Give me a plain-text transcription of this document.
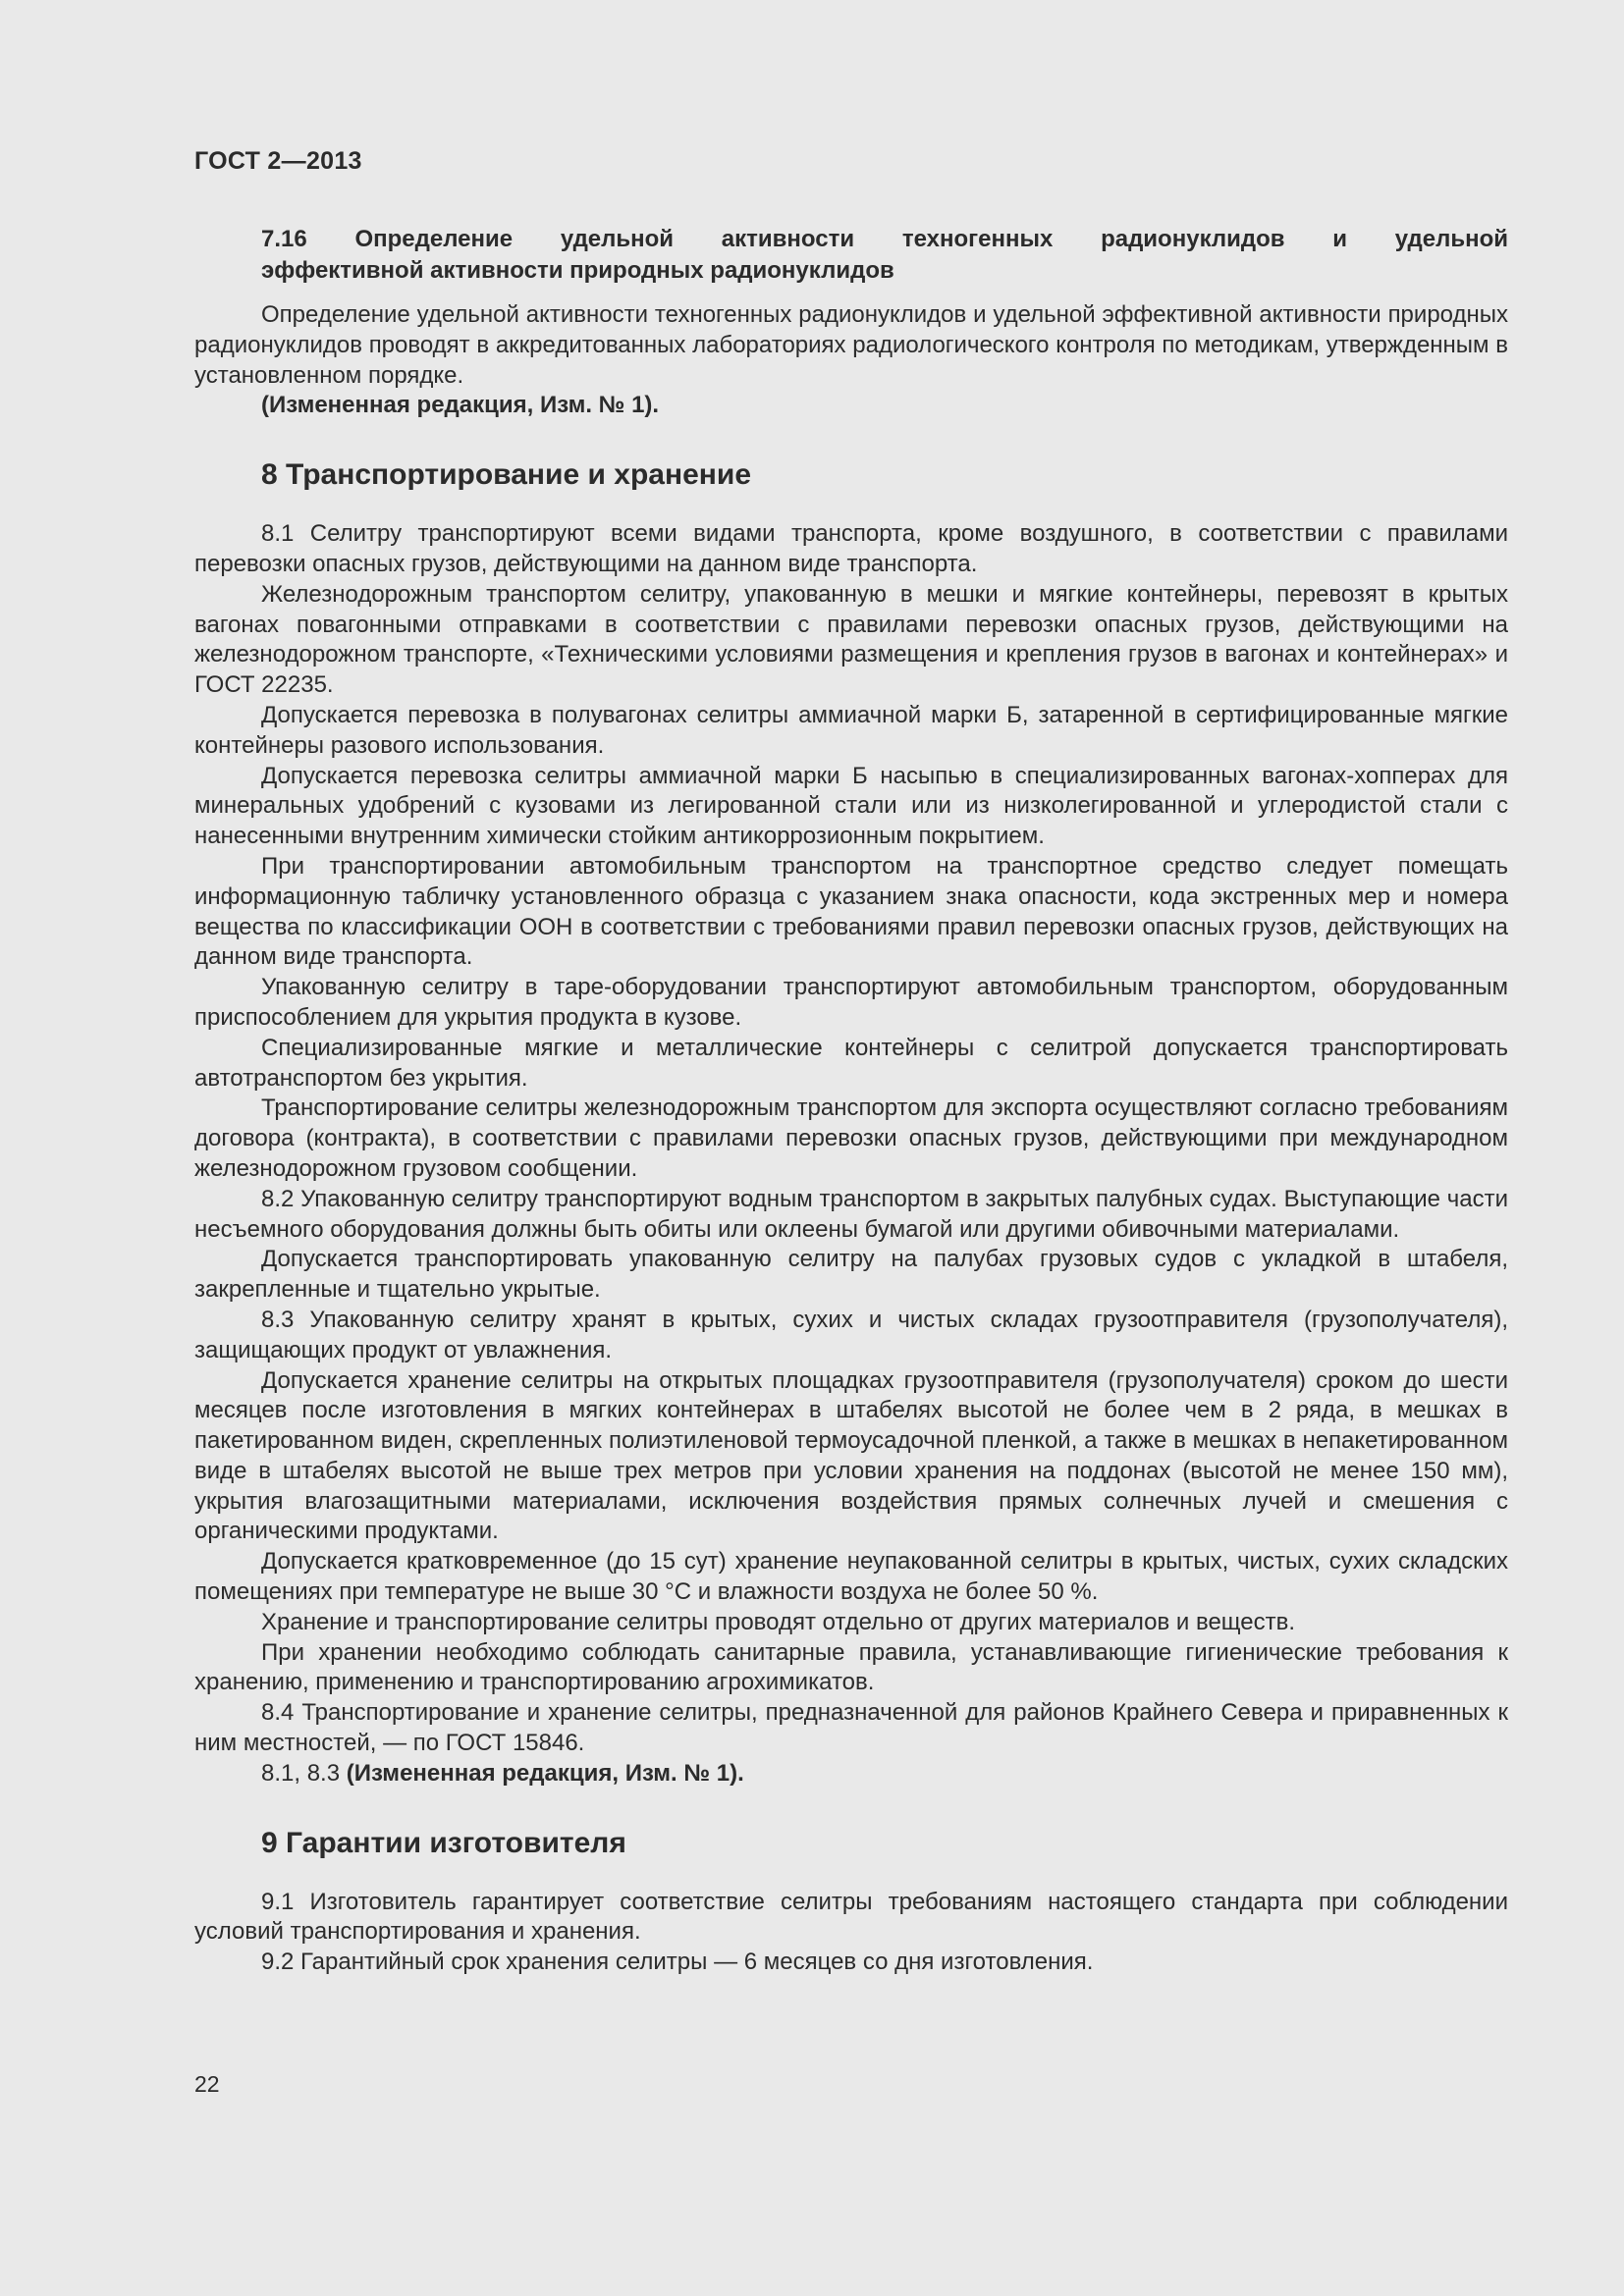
ГОСТ 2—2013
7.16 Определение удельной активности техногенных радионуклидов и удельной
эффективной активности природных радионуклидов

Определение удельной активности техногенных радионуклидов и удельной эффективной активности природных радионуклидов проводят в аккредитованных лабораториях радиологического контроля по методикам, утвержденным в установленном порядке.

(Измененная редакция, Изм. № 1).

8 Транспортирование и хранение

8.1 Селитру транспортируют всеми видами транспорта, кроме воздушного, в соответствии с правилами перевозки опасных грузов, действующими на данном виде транспорта.

Железнодорожным транспортом селитру, упакованную в мешки и мягкие контейнеры, перевозят в крытых вагонах повагонными отправками в соответствии с правилами перевозки опасных грузов, действующими на железнодорожном транспорте, «Техническими условиями размещения и крепления грузов в вагонах и контейнерах» и ГОСТ 22235.

Допускается перевозка в полувагонах селитры аммиачной марки Б, затаренной в сертифицированные мягкие контейнеры разового использования.

Допускается перевозка селитры аммиачной марки Б насыпью в специализированных вагонах-хопперах для минеральных удобрений с кузовами из легированной стали или из низколегированной и углеродистой стали с нанесенными внутренним химически стойким антикоррозионным покрытием.

При транспортировании автомобильным транспортом на транспортное средство следует помещать информационную табличку установленного образца с указанием знака опасности, кода экстренных мер и номера вещества по классификации ООН в соответствии с требованиями правил перевозки опасных грузов, действующих на данном виде транспорта.

Упакованную селитру в таре-оборудовании транспортируют автомобильным транспортом, оборудованным приспособлением для укрытия продукта в кузове.

Специализированные мягкие и металлические контейнеры с селитрой допускается транспортировать автотранспортом без укрытия.

Транспортирование селитры железнодорожным транспортом для экспорта осуществляют согласно требованиям договора (контракта), в соответствии с правилами перевозки опасных грузов, действующими при международном железнодорожном грузовом сообщении.

8.2 Упакованную селитру транспортируют водным транспортом в закрытых палубных судах. Выступающие части несъемного оборудования должны быть обиты или оклеены бумагой или другими обивочными материалами.

Допускается транспортировать упакованную селитру на палубах грузовых судов с укладкой в штабеля, закрепленные и тщательно укрытые.

8.3 Упакованную селитру хранят в крытых, сухих и чистых складах грузоотправителя (грузополучателя), защищающих продукт от увлажнения.

Допускается хранение селитры на открытых площадках грузоотправителя (грузополучателя) сроком до шести месяцев после изготовления в мягких контейнерах в штабелях высотой не более чем в 2 ряда, в мешках в пакетированном виден, скрепленных полиэтиленовой термоусадочной пленкой, а также в мешках в непакетированном виде в штабелях высотой не выше трех метров при условии хранения на поддонах (высотой не менее 150 мм), укрытия влагозащитными материалами, исключения воздействия прямых солнечных лучей и смешения с органическими продуктами.

Допускается кратковременное (до 15 сут) хранение неупакованной селитры в крытых, чистых, сухих складских помещениях при температуре не выше 30 °С и влажности воздуха не более 50 %.

Хранение и транспортирование селитры проводят отдельно от других материалов и веществ.

При хранении необходимо соблюдать санитарные правила, устанавливающие гигиенические требования к хранению, применению и транспортированию агрохимикатов.

8.4 Транспортирование и хранение селитры, предназначенной для районов Крайнего Севера и приравненных к ним местностей, — по ГОСТ 15846.

8.1, 8.3 (Измененная редакция, Изм. № 1).

9 Гарантии изготовителя

9.1 Изготовитель гарантирует соответствие селитры требованиям настоящего стандарта при соблюдении условий транспортирования и хранения.

9.2 Гарантийный срок хранения селитры — 6 месяцев со дня изготовления.

22
